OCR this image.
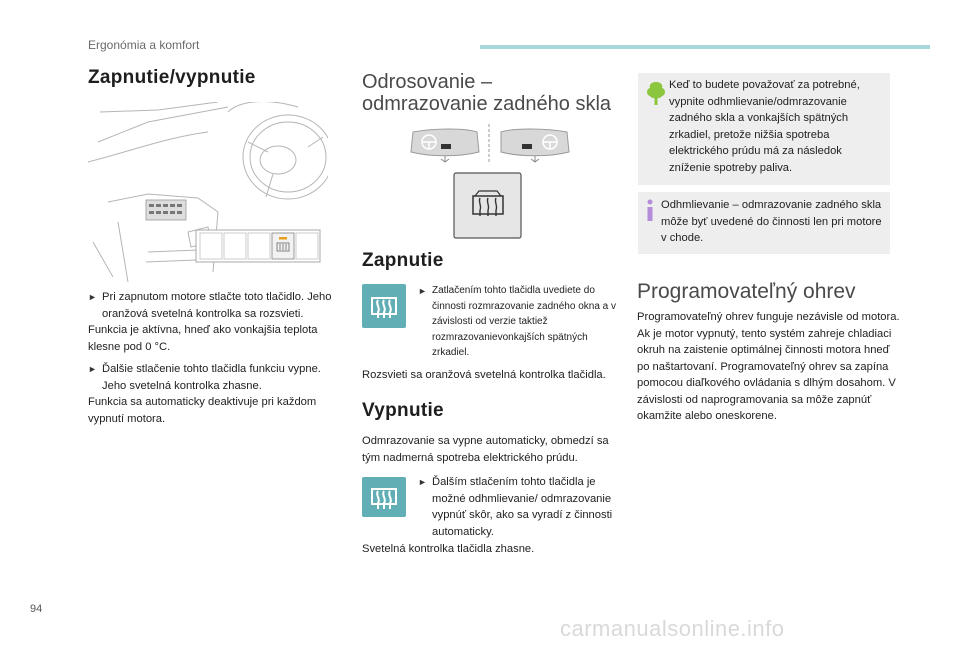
Ergonómia a komfort
Zapnutie/vypnutie
► Pri zapnutom motore stlačte toto tlačidlo. Jeho oranžová svetelná kontrolka sa rozsvieti.

Funkcia je aktívna, hneď ako vonkajšia teplota klesne pod 0 °C.

► Ďalšie stlačenie tohto tlačidla funkciu vypne. Jeho svetelná kontrolka zhasne.

Funkcia sa automaticky deaktivuje pri každom vypnutí motora.

Odrosovanie –
odmrazovanie zadného skla
Zapnutie
► Zatlačením tohto tlačidla uvediete do činnosti rozmrazovanie zadného okna a v závislosti od verzie taktiež rozmrazovanievonkajších spätných zrkadiel.

Rozsvieti sa oranžová svetelná kontrolka tlačidla.

Vypnutie

Odmrazovanie sa vypne automaticky, obmedzí sa tým nadmerná spotreba elektrického prúdu.

► Ďalším stlačením tohto tlačidla je možné odhmlievanie/ odmrazovanie vypnúť skôr, ako sa vyradí z činnosti automaticky.

Svetelná kontrolka tlačidla zhasne.

Keď to budete považovať za potrebné, vypnite odhmlievanie/odmrazovanie zadného skla a vonkajších spätných zrkadiel, pretože nižšia spotreba elektrického prúdu má za následok zníženie spotreby paliva.

Odhmlievanie – odmrazovanie zadného skla môže byť uvedené do činnosti len pri motore v chode.

Programovateľný ohrev

Programovateľný ohrev funguje nezávisle od motora. Ak je motor vypnutý, tento systém zahreje chladiaci okruh na zaistenie optimálnej činnosti motora hneď po naštartovaní. Programovateľný ohrev sa zapína pomocou diaľkového ovládania s dlhým dosahom. V závislosti od naprogramovania sa môže zapnúť okamžite alebo oneskorene.

94
carmanualsonline.info
